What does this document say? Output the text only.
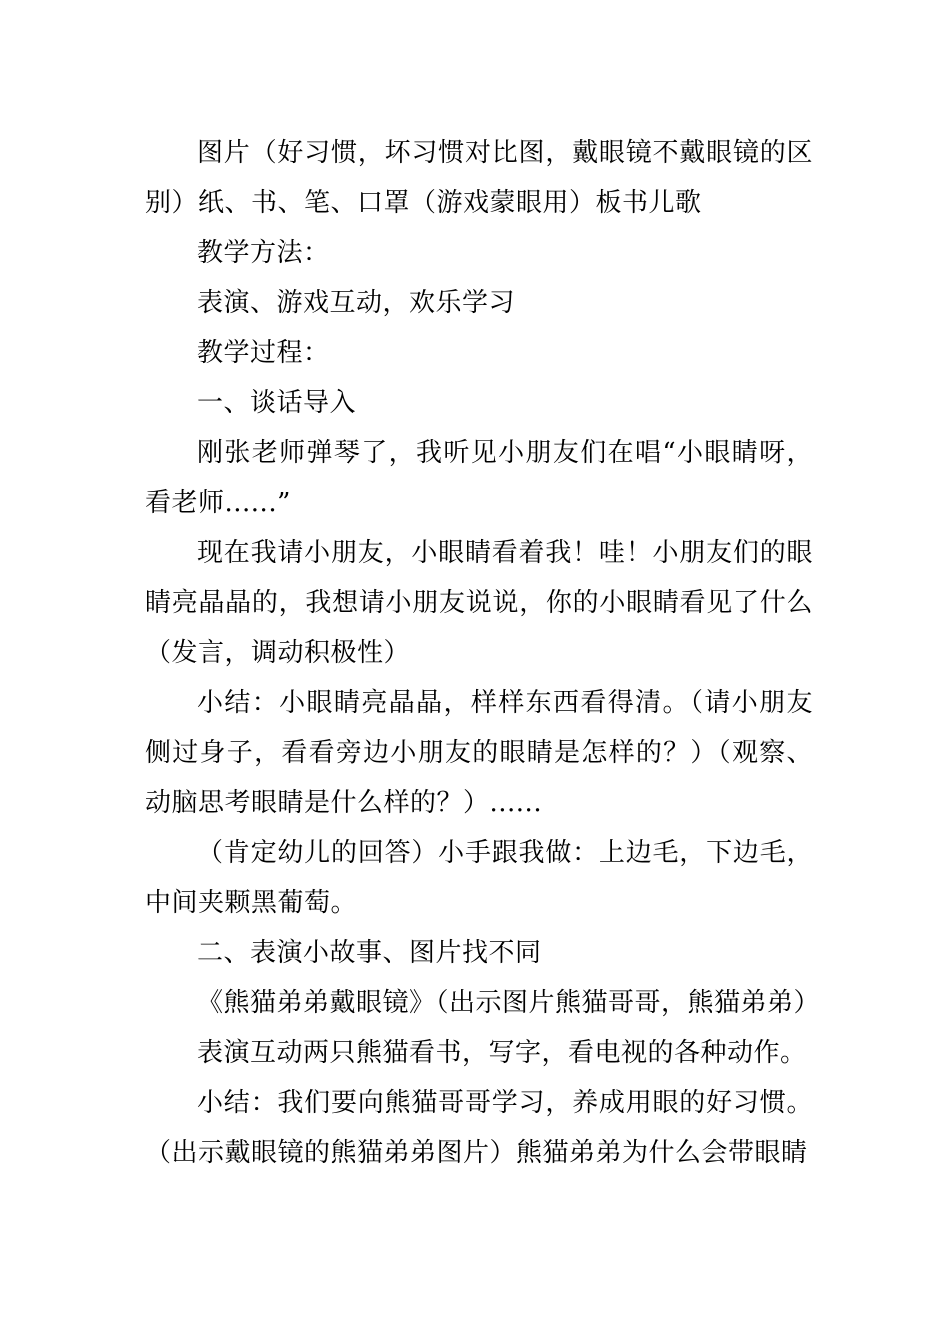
图片（好习惯，坏习惯对比图，戴眼镜不戴眼镜的区别）纸、书、笔、口罩（游戏蒙眼用）板书儿歌

教学方法：

表演、游戏互动，欢乐学习

教学过程：

一、谈话导入

刚张老师弹琴了，我听见小朋友们在唱“小眼睛呀，看老师......”

现在我请小朋友，小眼睛看着我！哇！小朋友们的眼睛亮晶晶的，我想请小朋友说说，你的小眼睛看见了什么（发言，调动积极性）

小结：小眼睛亮晶晶，样样东西看得清。（请小朋友侧过身子，看看旁边小朋友的眼睛是怎样的？）（观察、动脑思考眼睛是什么样的？）......

（肯定幼儿的回答）小手跟我做：上边毛，下边毛，中间夹颗黑葡萄。

二、表演小故事、图片找不同

《熊猫弟弟戴眼镜》（出示图片熊猫哥哥，熊猫弟弟）

表演互动两只熊猫看书，写字，看电视的各种动作。

小结：我们要向熊猫哥哥学习，养成用眼的好习惯。（出示戴眼镜的熊猫弟弟图片）熊猫弟弟为什么会带眼睛
